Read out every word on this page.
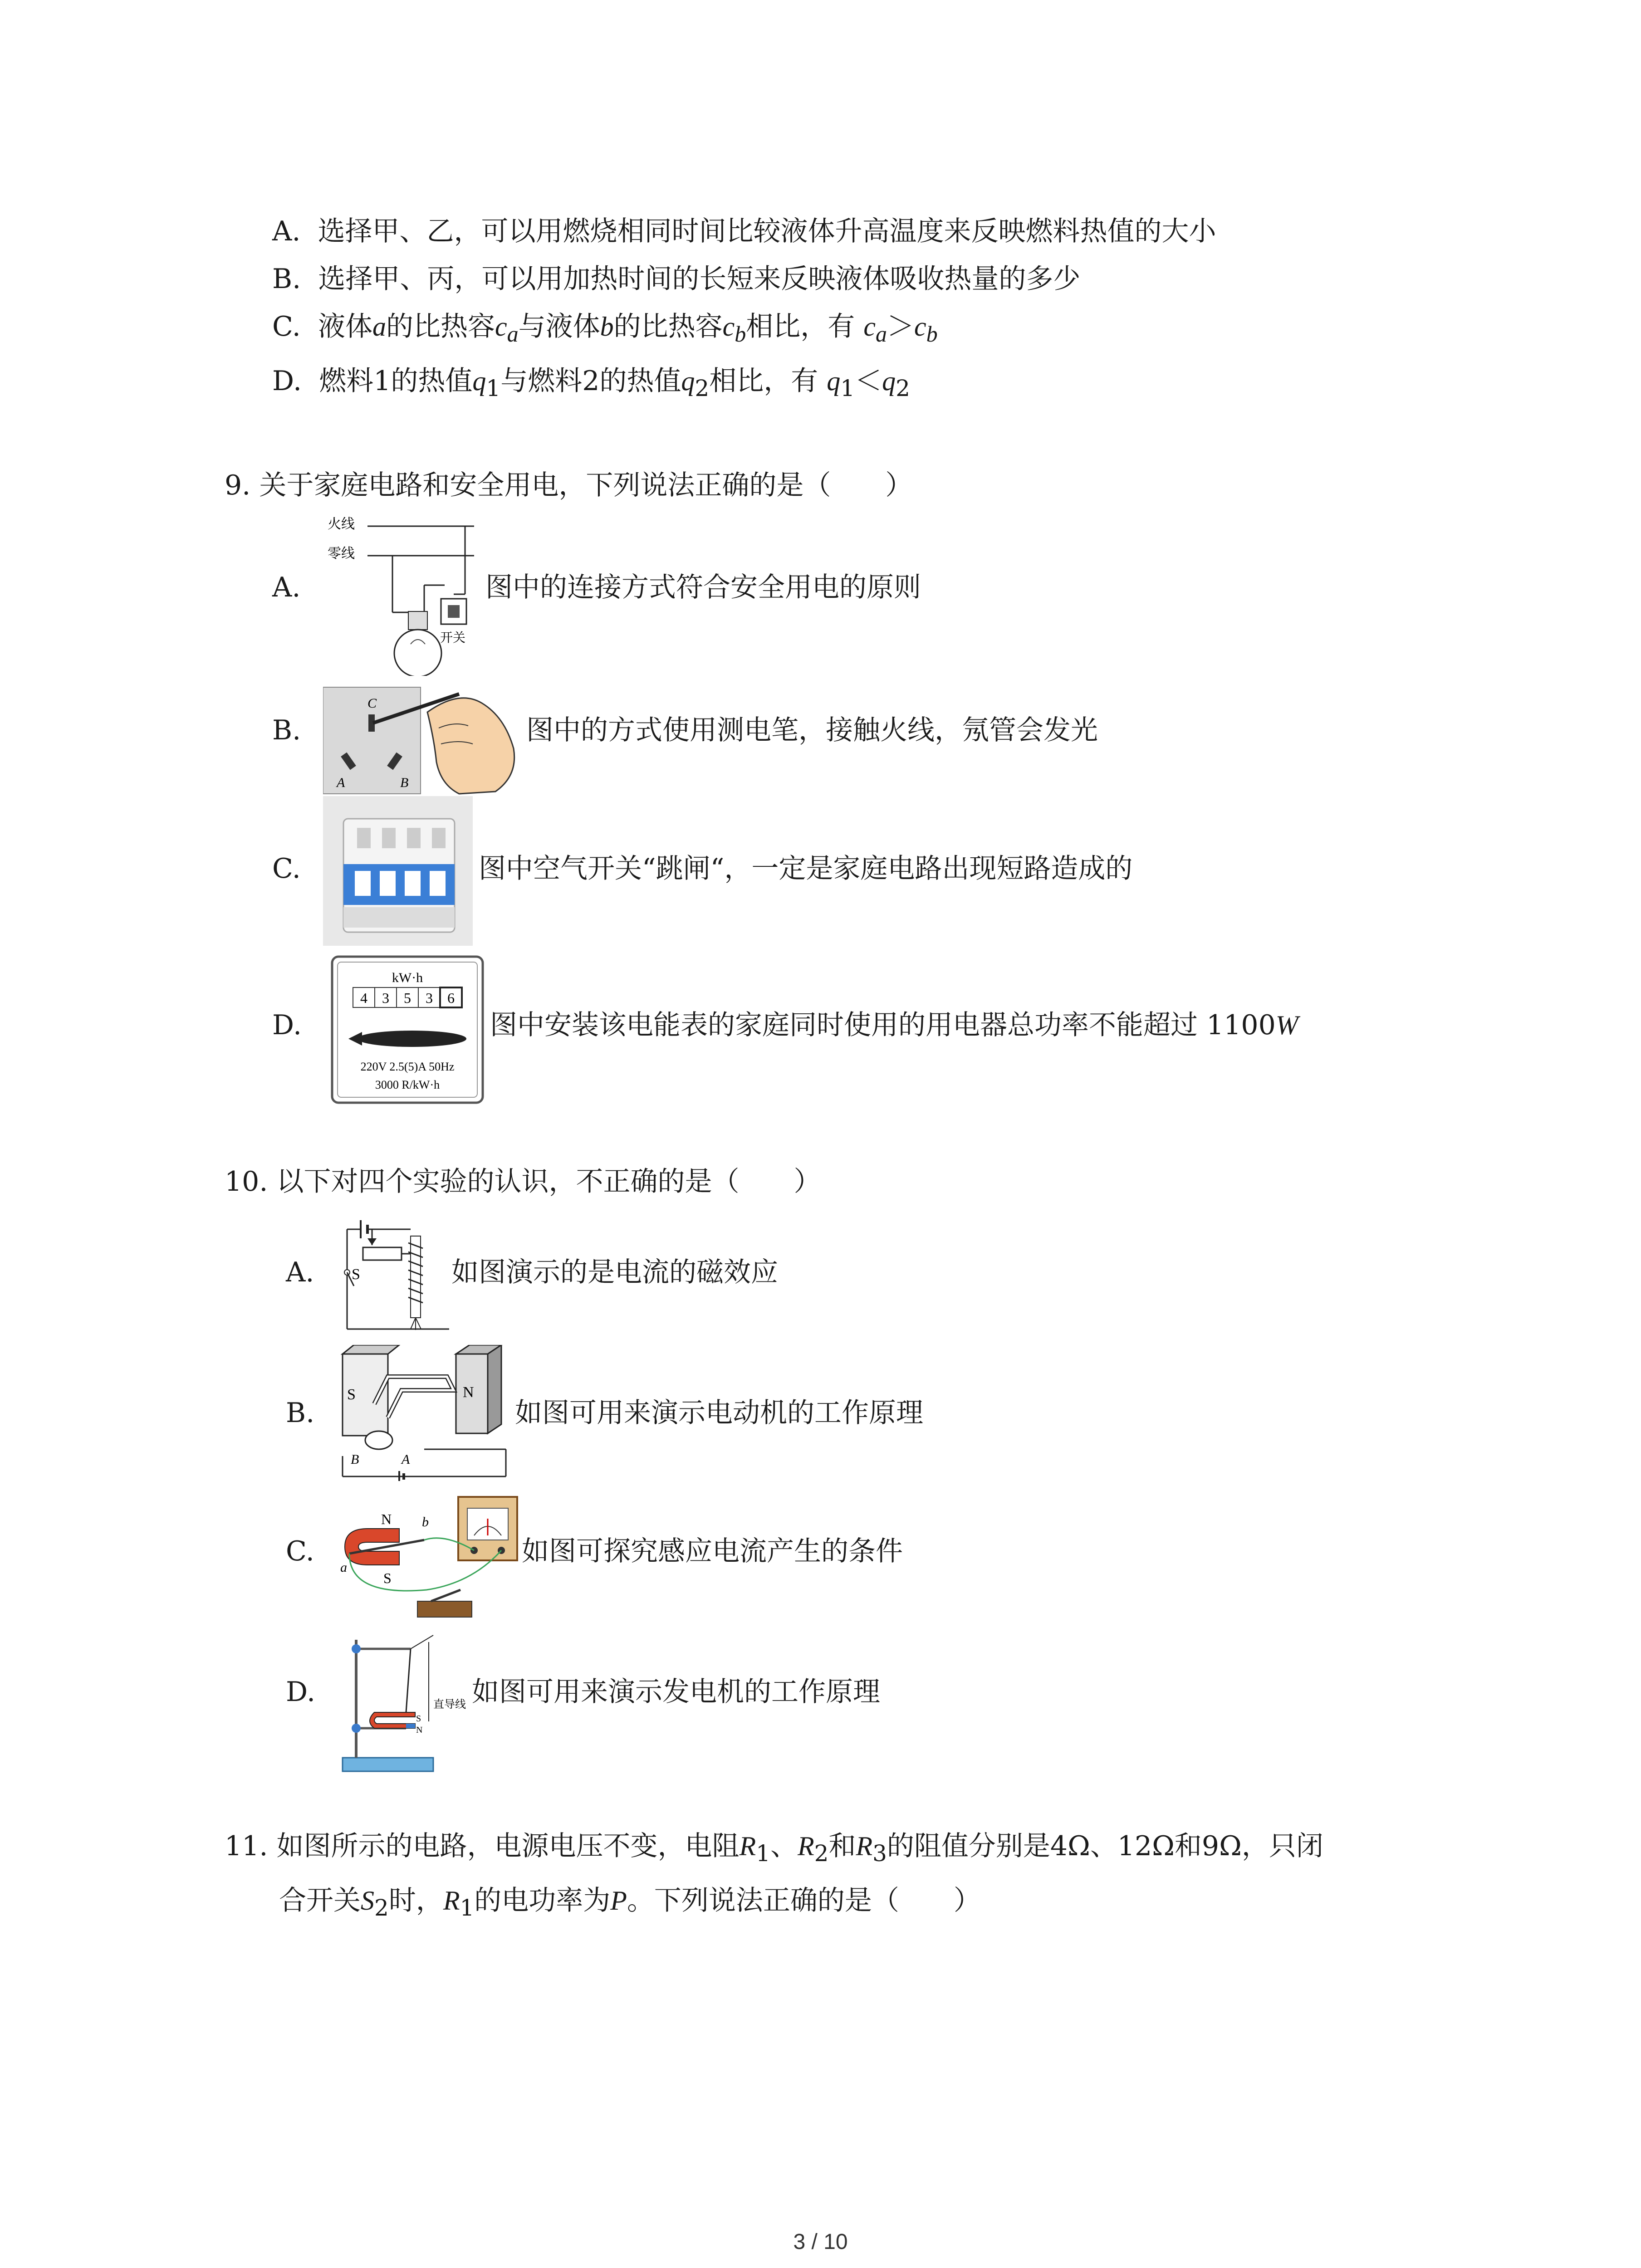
A. 选择甲、乙，可以用燃烧相同时间比较液体升高温度来反映燃料热值的大小
B. 选择甲、丙，可以用加热时间的长短来反映液体吸收热量的多少
C. 液体a的比热容$c_a$与液体b的比热容$c_b$相比，有 $c_a>c_b$
D. 燃料1的热值$q_1$与燃料2的热值$q_2$相比，有 $q_1<q_2$
9. 关于家庭电路和安全用电，下列说法正确的是（　　）
A.
火线
零线
开关
图中的连接方式符合安全用电的原则
B.
C
A	B
图中的方式使用测电笔，接触火线，氖管会发光
C.	图中空气开关“跳闸“，一定是家庭电路出现短路造成的
D.
kW·h
4 3 5 3 6
220V 2.5(5)A 50Hz
3000 R/kW·h
图中安装该电能表的家庭同时使用的用电器总功率不能超过 1100W
10. 以下对四个实验的认识，不正确的是（　　）
A. S	如图演示的是电流的磁效应
B.
S	N
B	A
如图可用来演示电动机的工作原理
C.
N
S
a
b
如图可探究感应电流产生的条件
D.	直导线
S
N
如图可用来演示发电机的工作原理
11. 如图所示的电路，电源电压不变，电阻$R_1$、$R_2$和$R_3$的阻值分别是4Ω、12Ω和9Ω，只闭
合开关$S_2$时，$R_1$的电功率为P。下列说法正确的是（　　）
3 / 10
